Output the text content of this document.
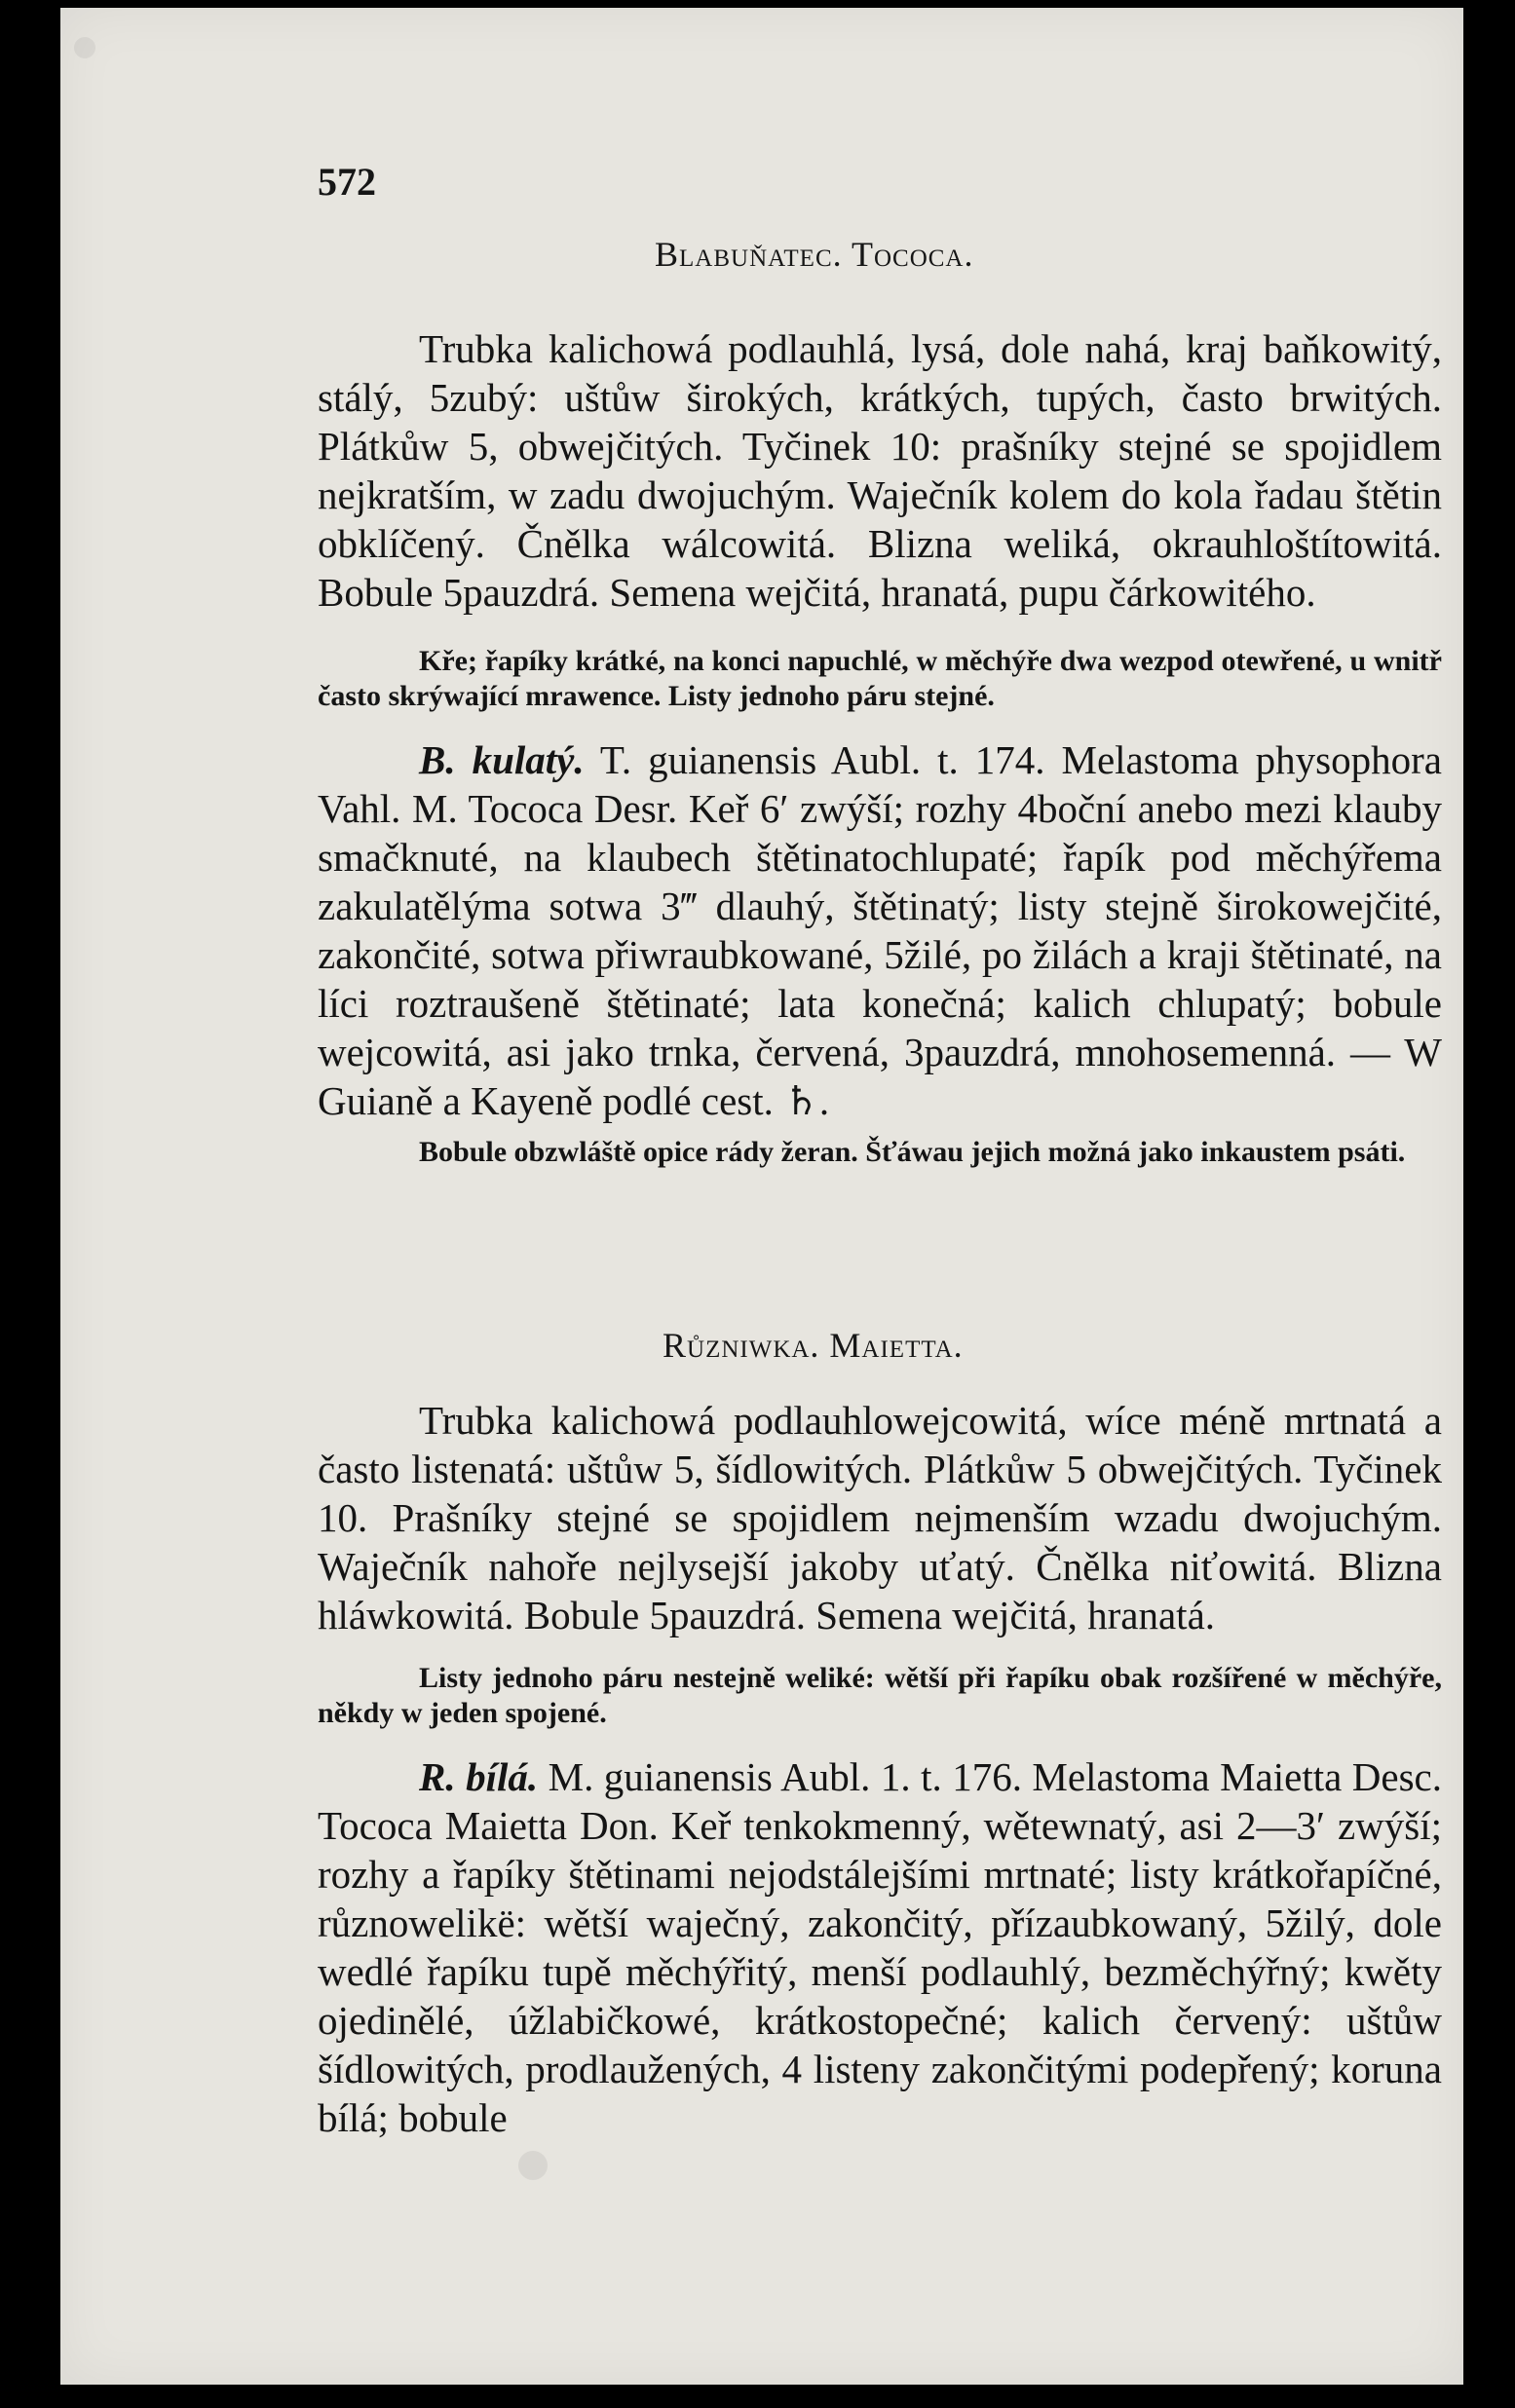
572
Blabuňatec. Tococa.

Trubka kalichowá podlauhlá, lysá, dole nahá, kraj baňkowitý, stálý, 5zubý: uštůw širokých, krátkých, tupých, často brwitých. Plátkůw 5, obwejčitých. Tyčinek 10: prašníky stejné se spojidlem nejkratším, w zadu dwojuchým. Waječník kolem do kola řadau štětin obklíčený. Čnělka wálcowitá. Blizna weliká, okrauhloštítowitá. Bobule 5pauzdrá. Semena wejčitá, hranatá, pupu čárkowitého.

Kře; řapíky krátké, na konci napuchlé, w měchýře dwa wezpod otewřené, u wnitř často skrýwající mrawence. Listy jednoho páru stejné.

B. kulatý. T. guianensis Aubl. t. 174. Melastoma physophora Vahl. M. Tococa Desr. Keř 6′ zwýší; rozhy 4boční anebo mezi klauby smačknuté, na klaubech štětinatochlupaté; řapík pod měchýřema zakulatělýma sotwa 3‴ dlauhý, štětinatý; listy stejně širokowejčité, zakončité, sotwa přiwraubkowané, 5žilé, po žilách a kraji štětinaté, na líci roztraušeně štětinaté; lata konečná; kalich chlupatý; bobule wejcowitá, asi jako trnka, červená, 3pauzdrá, mnohosemenná. — W Guianě a Kayeně podlé cest. ♄.

Bobule obzwláště opice rády žeran. Šťáwau jejich možná jako inkaustem psáti.

Různiwka. Maietta.

Trubka kalichowá podlauhlowejcowitá, wíce méně mrtnatá a často listenatá: uštůw 5, šídlowitých. Plátkůw 5 obwejčitých. Tyčinek 10. Prašníky stejné se spojidlem nejmenším wzadu dwojuchým. Waječník nahoře nejlysejší jakoby uťatý. Čnělka niťowitá. Blizna hláwkowitá. Bobule 5pauzdrá. Semena wejčitá, hranatá.

Listy jednoho páru nestejně weliké: wětší při řapíku obak rozšířené w měchýře, někdy w jeden spojené.

R. bílá. M. guianensis Aubl. 1. t. 176. Melastoma Maietta Desc. Tococa Maietta Don. Keř tenkokmenný, wětewnatý, asi 2—3′ zwýší; rozhy a řapíky štětinami nejodstálejšími mrtnaté; listy krátkořapíčné, různowelikë: wětší waječný, zakončitý, přízaubkowaný, 5žilý, dole wedlé řapíku tupě měchýřitý, menší podlauhlý, bezměchýřný; kwěty ojedinělé, úžlabičkowé, krátkostopečné; kalich červený: uštůw šídlowitých, prodlaužených, 4 listeny zakončitými podepřený; koruna bílá; bobule
